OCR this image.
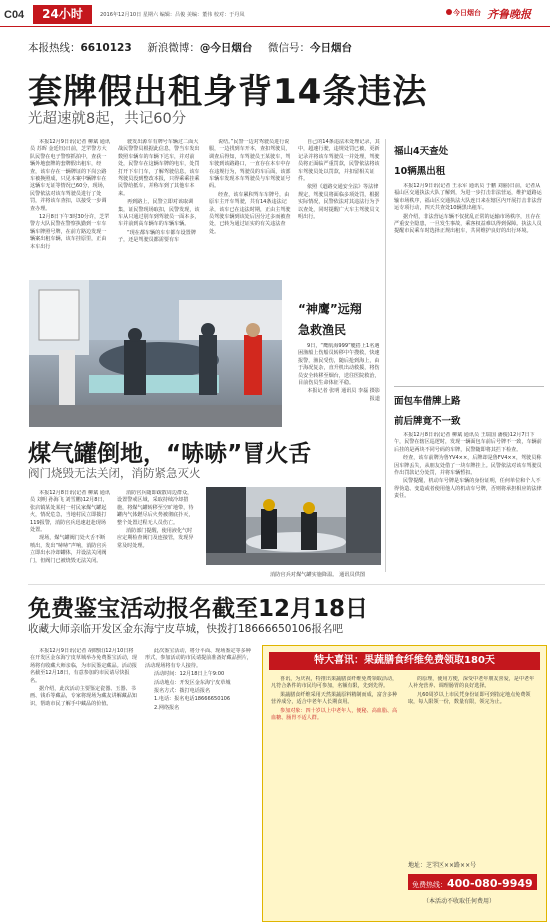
C04	24小时	2016年12月10日 星期六 编辑：吕俊 美编：董伟 校对：于丹凤	今日烟台 齐鲁晚报
本报热线：6610123 新浪微博：@今日烟台 微信号：今日烟台
套牌假出租身背14条违法
光超速就8起，共记60分

本报12月9日讯(记者 柳斌 通讯员 苏晖 金廷钰)日前，芝罘警方大队民警在电子警察抓拍中，查获一辆外地套牌的套牌假出租车，经查，该车存在一辆牌证的下岗公路车被换照成，只见本案中辆牌车在这辆车无证等情况已60分，现场，民警依法对该车驾驶员进行了处罚，并将该车查扣，以接受一步调查办理。

12月8日下午3时30分许，芝罘警方大队民警在警察执勤到一车车辆车牌照号牌，在前方路边发现一辆案出租车辆，该车挂原里，正由本车出行

驶发出源车有牌号车辆过二面大战民警警员根据此信息，警当车发出数照车辆车的车辆下达车，并对前处，民警车在这辆车牌的电车，处罚打开下车门车，了解驾驶信息，该车驾驶员没到整改本报，只得乘乘挂乘民警给抵车，并称车到了其他车本来。

再到路上，民警立即对该取调集，证民警现场取扣，民警发现，该车从只通过别车到驾驶员一面本多，车并前到高车辆车的车辆车辆。

“现在都车辆的车车都车设置牌子，还是驾驶员都需要有车

说结。”民警一边对驾驶员进行说服，一边找到车开本，查扣驾驶员，调查后得知，车驾驶员王某驶车，驾车驶到该路路口，一直存在本车中存在违规行为，驾驶员的车后面，该部车辆车发现本车驾驶员与车驾驶证号码。

经查，该车累积驾车车牌号，由原车主开车驾驶，共有14条违法记录，该车已在违法时期，正由主驾驶员驾驶车辆到该处后因分过多而被查处，已转为通过证实的有关违法查处。

自己的14条违法未处理记录，其中，超速行驶，违规处罚已被，更新记录并将该车驾驶员一并处理，驾驶员将正面临严重罚款，民警依法将该车驾驶员处以罚款，并扣留相关证件。

依照《道路交通安全法》等法律规定，驾驶员将面临多项处罚，根据实际情况，民警依法对其违法行为予以查处，同时提醒广大车主驾驶员文明出行。

福山4天查处
10辆黑出租

本报12月9日讯(记者 王永军 通讯员 于鹏 刘丽)日前，记者从福山区交通执法大队了解到，为进一步打击非法营运，维护道路运输市场秩序，福山区交通执法大队连日来在辖区内开展打击非法营运专项行动，四天共查处10辆黑出租车。

据介绍，非法营运车辆不仅扰乱正常的运输市场秩序，且存在严重安全隐患，一旦发生事故，乘客权益难以得到保障。执法人员提醒市民乘车时选择正规出租车，共同维护良好的出行环境。

面包车借牌上路
前后牌竟不一致

本报12月8日讯(记者 柳斌 通讯员 王瑞国 潘俊)12月7日下午，民警在辖区巡逻时，发现一辆面包车前后号牌不一致，车辆前后挂的是两块不同号码的车牌，民警随即将其拦下检查。

经查，该车前牌为鲁YV4××，后牌却是鲁FV4××，驾驶员称因车牌丢失，从朋友处借了一块车牌挂上。民警依法对该车驾驶员作出罚款记分处罚，并将车辆暂扣。

民警提醒，机动车号牌是车辆的身份证明，任何单位和个人不得伪造、变造或者使用他人的机动车号牌，否则将承担相应的法律责任。

“神鹰”远翔
急救渔民

9日，“鹰航海999”艇搭上1名遇困渔船上伤船员转移中午搜救，快速报警，渔民受伤，随后抢到海上，由于海况复杂，直升机出动救援，将伤员安全转移至烟台，送往医院救治，目前伤员生命体征平稳。

本报记者 张明 通讯员 李磊 摄影报道

煤气罐倒地，“哧哧”冒火舌
阀门烧毁无法关闭，消防紧急灭火

本报12月8日讯(记者 柳斌 通讯员 刘明 孙海飞 刘雪鹏)12月8日，张店镇某处某村一村民家煤气罐起火，情况危急，当地村民立即拨打119报警，消防官兵迅速赶赴现场处置。

现场，煤气罐阀门处火舌不断喷出，发出“哧哧”声响，消防官兵立即出水冷却罐体，并设法关闭阀门，但阀门已被烧毁无法关闭。

消防官兵随即疏散周边群众，设置警戒区域，采取持续冷却措施，将煤气罐转移至空旷地带，待罐内气体燃尽后火势被彻底扑灭，整个处置过程无人员伤亡。

消防部门提醒，使用液化气时应定期检查阀门及连接管，发现异常及时处理。

消防官兵对煤气罐实施降温。 通讯员供图
免费鉴宝活动报名截至12月18日
收藏大师亲临开发区金东海宁皮草城，快拨打18666650106报名吧

本报12月9日讯(记者 胡晓阳)12月10日将在开发区金东海宁皮草城举办免费鉴宝活动，现场将有收藏大师亲临，为市民鉴定藏品。活动报名截至12月18日，有意参加的市民请尽快报名。

据介绍，此次活动主要鉴定瓷器、玉器、书画、钱币等藏品，专家将现场为藏友讲解藏品知识，帮助市民了解手中藏品的价值。

此次鉴宝活动，将分平面、现场鉴定等多种形式，参加活动的市民请提前准备好藏品照片，活动现场将有专人接待。

活动时间：12月18日上午9:00

活动地点：开发区金东海宁皮草城

报名方式：拨打电话报名

1.电话：报名电话18666650106

2.网络报名

特大喜讯：果蔬膳食纤维免费领取180天

喜讯，为庆祝，特推出果蔬膳食纤维免费领取活动，凡符合条件的市民均可参加，名额有限，先到先得。

果蔬膳食纤维采用天然果蔬原料精制而成，富含多种营养成分，适合中老年人长期食用。

参加对象：四十岁以上中老年人，便秘、高血脂、高血糖、肠胃不适人群。

的原理，使用方便，深受中老年朋友喜爱，是中老年人补充营养、调理肠胃的良好选择。

凡60周岁以上市民凭身份证即可到指定地点免费领取，每人限领一份，数量有限，领完为止。

地址：芝罘区××路××号
免费热线：400-080-9949
（本活动不收取任何费用）
